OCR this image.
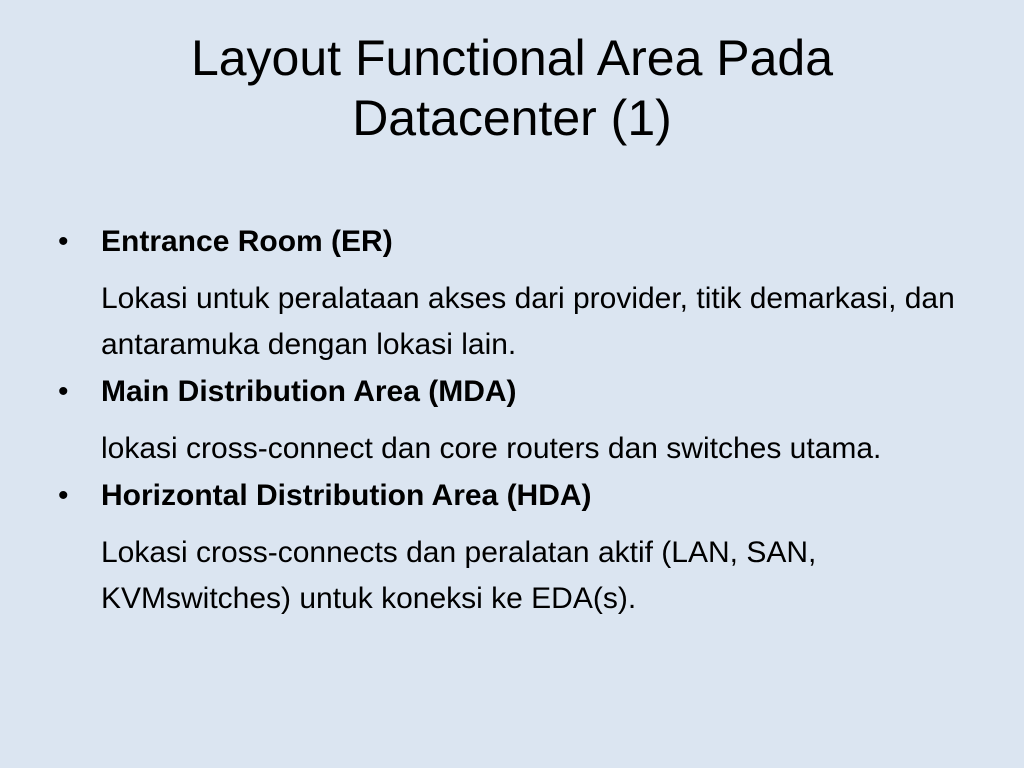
Layout Functional Area Pada
Datacenter (1)
• Entrance Room (ER)
Lokasi untuk peralataan akses dari provider, titik demarkasi, dan antaramuka dengan lokasi lain.
• Main Distribution Area (MDA)
lokasi cross-connect dan core routers dan switches utama.
• Horizontal Distribution Area (HDA)
Lokasi cross-connects dan peralatan aktif (LAN, SAN, KVMswitches) untuk koneksi ke EDA(s).
